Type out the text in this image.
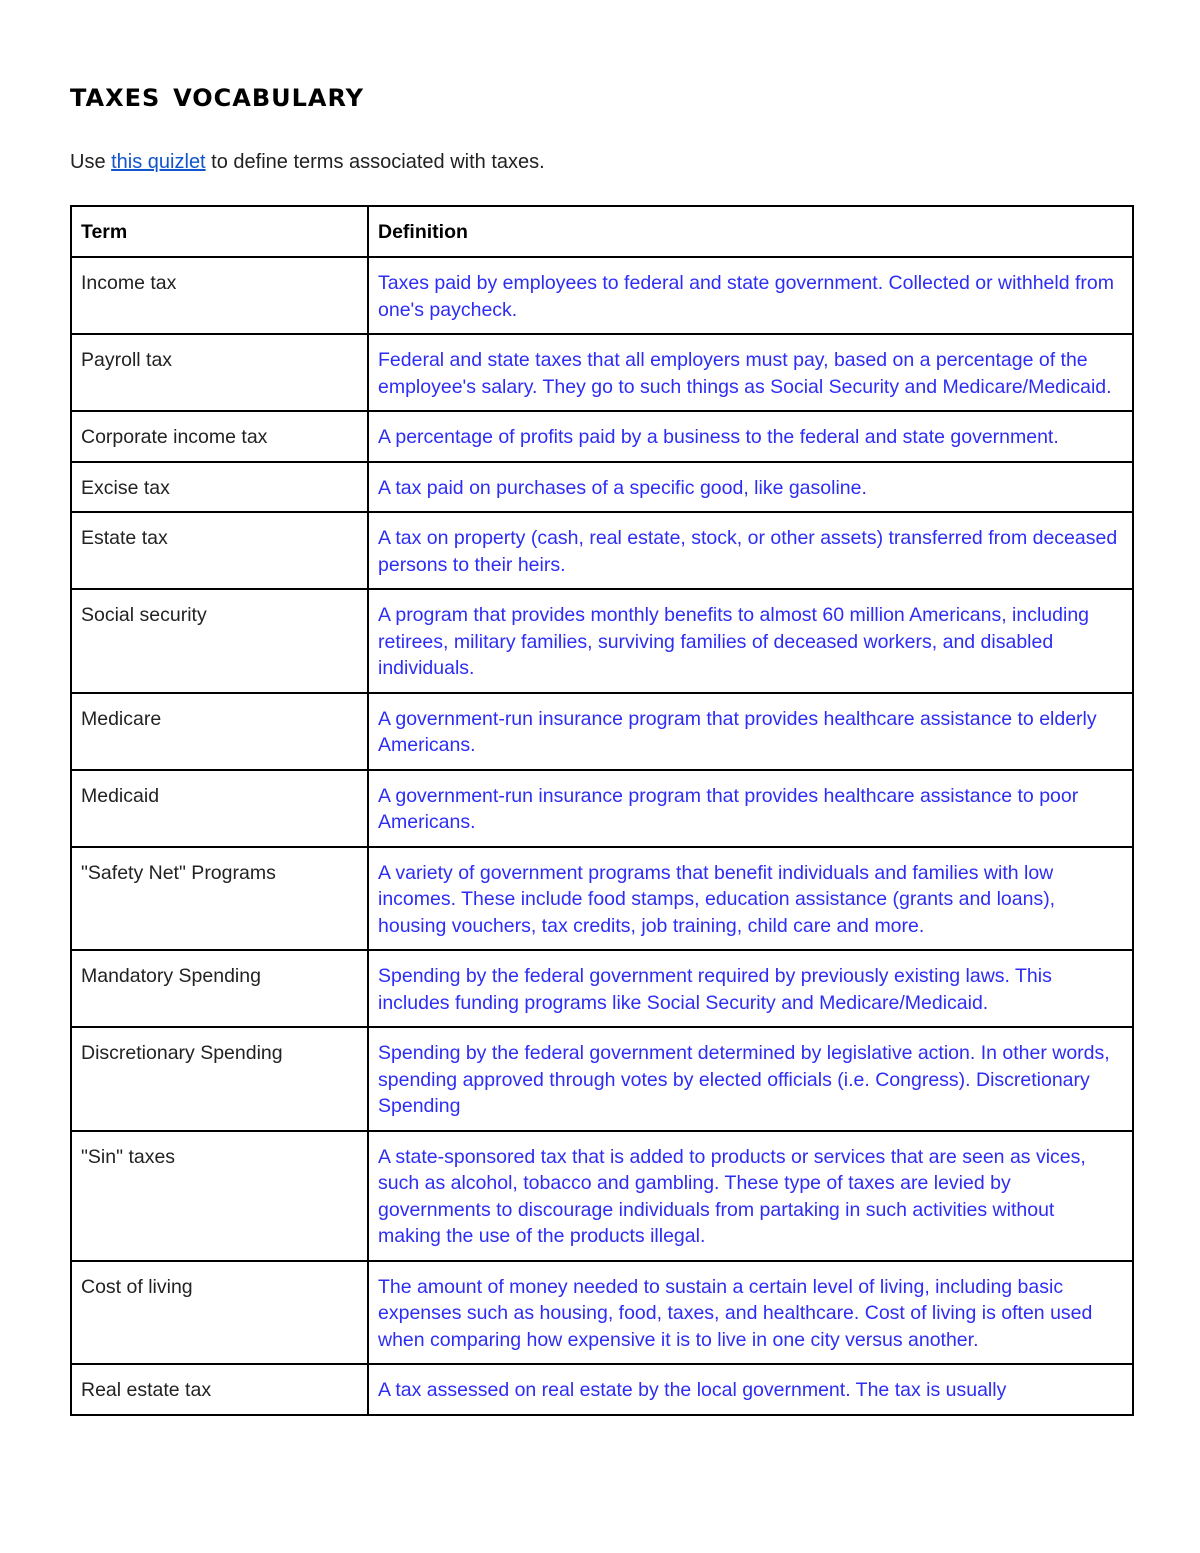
taxes vocabulary

Use this quizlet to define terms associated with taxes.

Term	Definition
Income tax	Taxes paid by employees to federal and state government. Collected or withheld from one's paycheck.
Payroll tax	Federal and state taxes that all employers must pay, based on a percentage of the employee's salary. They go to such things as Social Security and Medicare/Medicaid.
Corporate income tax	A percentage of profits paid by a business to the federal and state government.
Excise tax	A tax paid on purchases of a specific good, like gasoline.
Estate tax	A tax on property (cash, real estate, stock, or other assets) transferred from deceased persons to their heirs.
Social security	A program that provides monthly benefits to almost 60 million Americans, including retirees, military families, surviving families of deceased workers, and disabled individuals.
Medicare	A government-run insurance program that provides healthcare assistance to elderly Americans.
Medicaid	A government-run insurance program that provides healthcare assistance to poor Americans.
"Safety Net" Programs	A variety of government programs that benefit individuals and families with low incomes. These include food stamps, education assistance (grants and loans), housing vouchers, tax credits, job training, child care and more.
Mandatory Spending	Spending by the federal government required by previously existing laws. This includes funding programs like Social Security and Medicare/Medicaid.
Discretionary Spending	Spending by the federal government determined by legislative action. In other words, spending approved through votes by elected officials (i.e. Congress). Discretionary Spending
"Sin" taxes	A state-sponsored tax that is added to products or services that are seen as vices, such as alcohol, tobacco and gambling. These type of taxes are levied by governments to discourage individuals from partaking in such activities without making the use of the products illegal.
Cost of living	The amount of money needed to sustain a certain level of living, including basic expenses such as housing, food, taxes, and healthcare. Cost of living is often used when comparing how expensive it is to live in one city versus another.
Real estate tax	A tax assessed on real estate by the local government. The tax is usually
